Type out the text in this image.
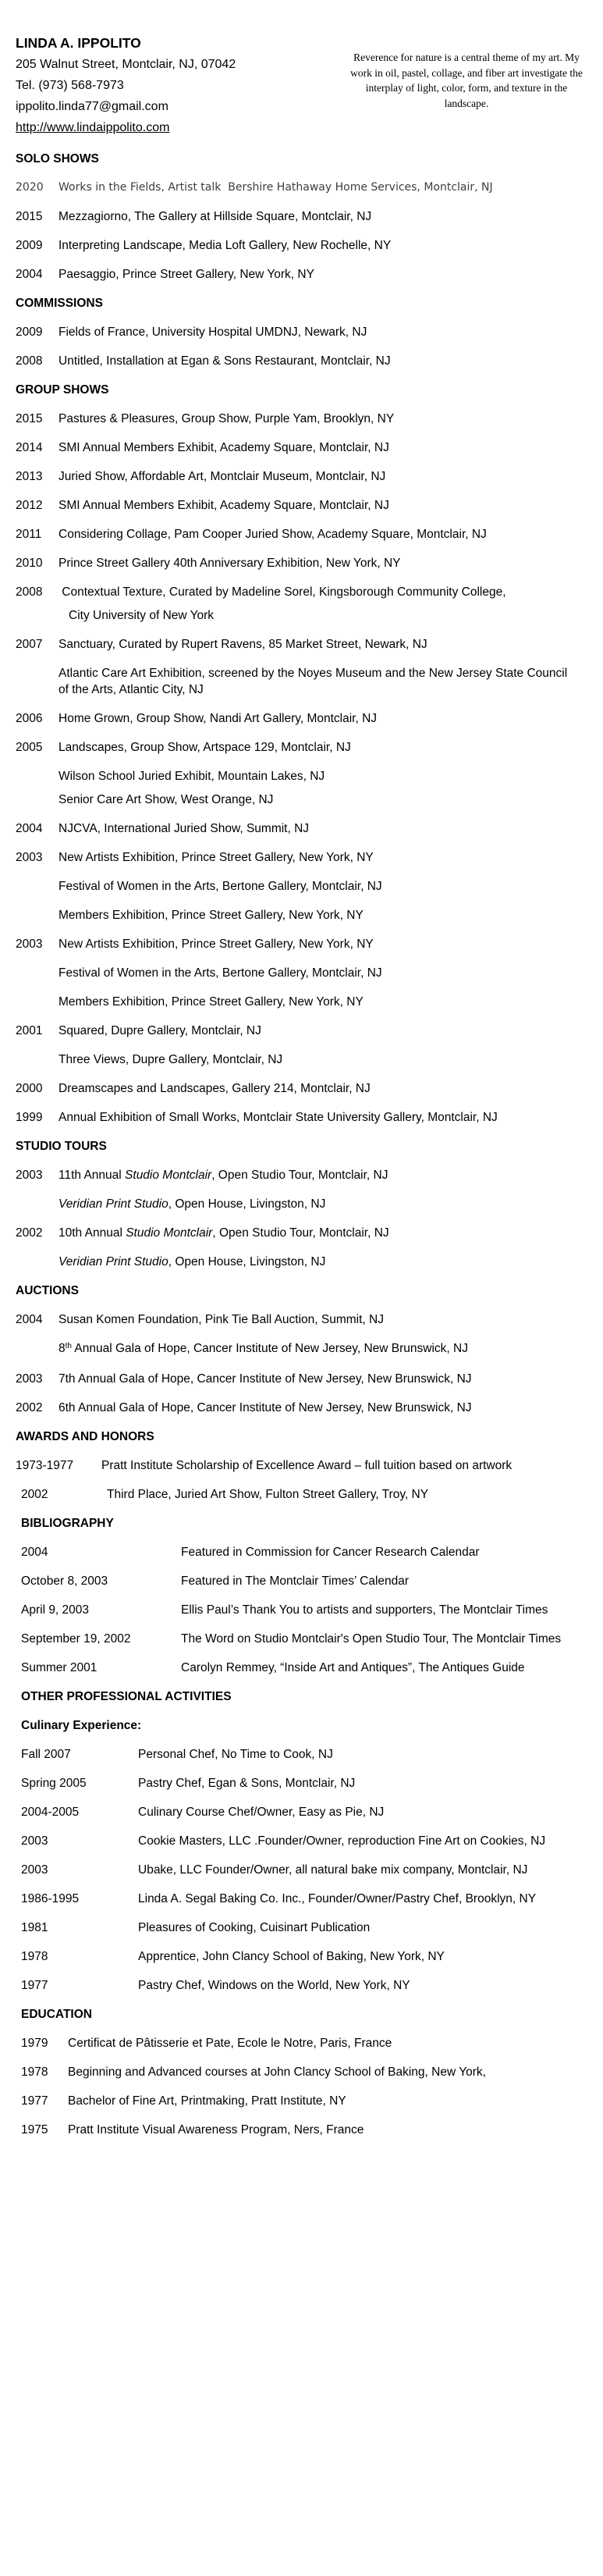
LINDA A. IPPOLITO
205 Walnut Street, Montclair, NJ, 07042
Tel. (973) 568-7973
ippolito.linda77@gmail.com
http://www.lindaippolito.com
Reverence for nature is a central theme of my art. My work in oil, pastel, collage, and fiber art investigate the interplay of light, color, form, and texture in the landscape.
SOLO SHOWS
2020 Works in the Fields, Artist talk  Bershire Hathaway Home Services, Montclair, NJ
2015 Mezzagiorno, The Gallery at Hillside Square, Montclair, NJ
2009 Interpreting Landscape, Media Loft Gallery, New Rochelle, NY
2004 Paesaggio, Prince Street Gallery, New York, NY
COMMISSIONS
2009 Fields of France, University Hospital UMDNJ, Newark, NJ
2008 Untitled, Installation at Egan & Sons Restaurant, Montclair, NJ
GROUP SHOWS
2015 Pastures & Pleasures, Group Show, Purple Yam, Brooklyn, NY
2014 SMI Annual Members Exhibit, Academy Square, Montclair, NJ
2013 Juried Show, Affordable Art, Montclair Museum, Montclair, NJ
2012 SMI Annual Members Exhibit, Academy Square, Montclair, NJ
2011 Considering Collage, Pam Cooper Juried Show, Academy Square, Montclair, NJ
2010 Prince Street Gallery 40th Anniversary Exhibition, New York, NY
2008 Contextual Texture, Curated by Madeline Sorel, Kingsborough Community College,
City University of New York
2007 Sanctuary, Curated by Rupert Ravens, 85 Market Street, Newark, NJ
Atlantic Care Art Exhibition, screened by the Noyes Museum and the New Jersey State Council of the Arts, Atlantic City, NJ
2006 Home Grown, Group Show, Nandi Art Gallery, Montclair, NJ
2005 Landscapes, Group Show, Artspace 129, Montclair, NJ
Wilson School Juried Exhibit, Mountain Lakes, NJ
Senior Care Art Show, West Orange, NJ
2004 NJCVA, International Juried Show, Summit, NJ
2003 New Artists Exhibition, Prince Street Gallery, New York, NY
Festival of Women in the Arts, Bertone Gallery, Montclair, NJ
Members Exhibition, Prince Street Gallery, New York, NY
2003 New Artists Exhibition, Prince Street Gallery, New York, NY
Festival of Women in the Arts, Bertone Gallery, Montclair, NJ
Members Exhibition, Prince Street Gallery, New York, NY
2001 Squared, Dupre Gallery, Montclair, NJ
Three Views, Dupre Gallery, Montclair, NJ
2000 Dreamscapes and Landscapes, Gallery 214, Montclair, NJ
1999 Annual Exhibition of Small Works, Montclair State University Gallery, Montclair, NJ
STUDIO TOURS
2003 11th Annual Studio Montclair, Open Studio Tour, Montclair, NJ
Veridian Print Studio, Open House, Livingston, NJ
2002 10th Annual Studio Montclair, Open Studio Tour, Montclair, NJ
Veridian Print Studio, Open House, Livingston, NJ
AUCTIONS
2004 Susan Komen Foundation, Pink Tie Ball Auction, Summit, NJ
8th Annual Gala of Hope, Cancer Institute of New Jersey, New Brunswick, NJ
2003 7th Annual Gala of Hope, Cancer Institute of New Jersey, New Brunswick, NJ
2002 6th Annual Gala of Hope, Cancer Institute of New Jersey, New Brunswick, NJ
AWARDS AND HONORS
1973-1977 Pratt Institute Scholarship of Excellence Award – full tuition based on artwork
2002	Third Place, Juried Art Show, Fulton Street Gallery, Troy, NY
BIBLIOGRAPHY
2004	Featured in Commission for Cancer Research Calendar
October 8, 2003	Featured in The Montclair Times’ Calendar
April 9, 2003	Ellis Paul’s Thank You to artists and supporters, The Montclair Times
September 19, 2002	The Word on Studio Montclair's Open Studio Tour, The Montclair Times
Summer 2001	Carolyn Remmey, “Inside Art and Antiques”, The Antiques Guide
OTHER PROFESSIONAL ACTIVITIES
Culinary Experience:
Fall 2007	Personal Chef, No Time to Cook, NJ
Spring 2005	Pastry Chef, Egan & Sons, Montclair, NJ
2004-2005	Culinary Course Chef/Owner, Easy as Pie, NJ
2003	Cookie Masters, LLC .Founder/Owner, reproduction Fine Art on Cookies, NJ
2003	Ubake, LLC Founder/Owner, all natural bake mix company, Montclair, NJ
1986-1995	Linda A. Segal Baking Co. Inc., Founder/Owner/Pastry Chef, Brooklyn, NY
1981	Pleasures of Cooking, Cuisinart Publication
1978	Apprentice, John Clancy School of Baking, New York, NY
1977	Pastry Chef, Windows on the World, New York, NY
EDUCATION
1979 Certificat de Pâtisserie et Pate, Ecole le Notre, Paris, France
1978 Beginning and Advanced courses at John Clancy School of Baking, New York,
1977 Bachelor of Fine Art, Printmaking, Pratt Institute, NY
1975 Pratt Institute Visual Awareness Program, Ners, France
